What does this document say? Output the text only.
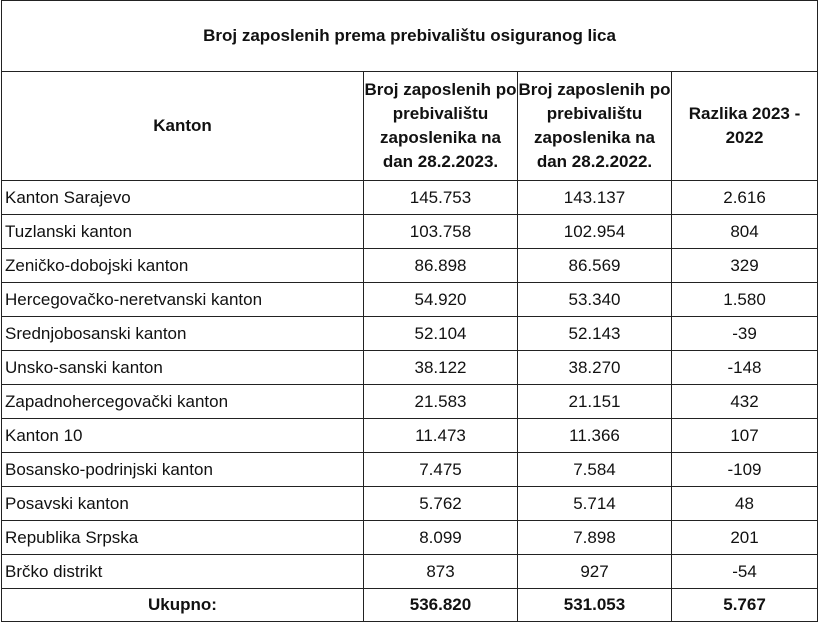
Broj zaposlenih prema prebivalištu osiguranog lica			
Kanton	Broj zaposlenih po prebivalištu zaposlenika na dan 28.2.2023.	Broj zaposlenih po prebivalištu zaposlenika na dan 28.2.2022.	Razlika 2023 - 2022
Kanton Sarajevo	145.753	143.137	2.616
Tuzlanski kanton	103.758	102.954	804
Zeničko-dobojski kanton	86.898	86.569	329
Hercegovačko-neretvanski kanton	54.920	53.340	1.580
Srednjobosanski kanton	52.104	52.143	-39
Unsko-sanski kanton	38.122	38.270	-148
Zapadnohercegovački kanton	21.583	21.151	432
Kanton 10	11.473	11.366	107
Bosansko-podrinjski kanton	7.475	7.584	-109
Posavski kanton	5.762	5.714	48
Republika Srpska	8.099	7.898	201
Brčko distrikt	873	927	-54
Ukupno:	536.820	531.053	5.767
